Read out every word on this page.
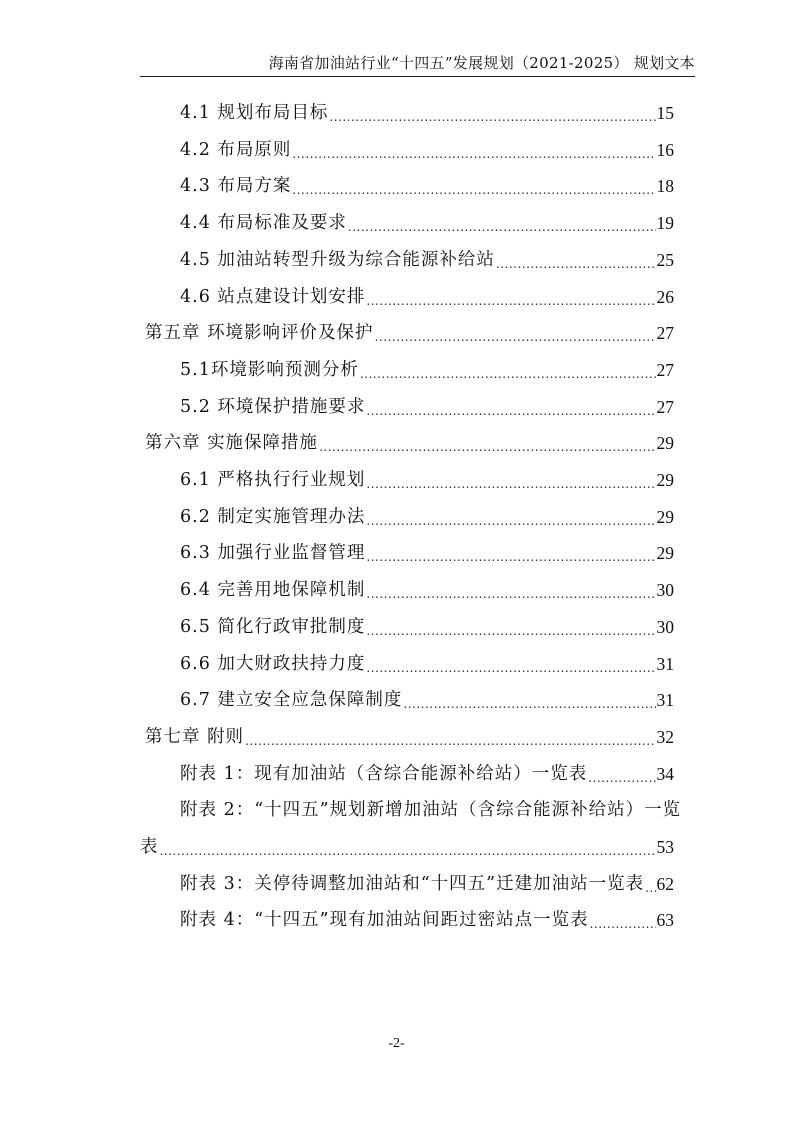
海南省加油站行业“十四五”发展规划（2021-2025） 规划文本
4.1 规划布局目标 .....	15
4.2 布局原则 .....	16
4.3 布局方案 .....	18
4.4 布局标准及要求 .....	19
4.5 加油站转型升级为综合能源补给站 .....	25
4.6 站点建设计划安排 .....	26
第五章 环境影响评价及保护 .....	27
5.1环境影响预测分析 .....	27
5.2 环境保护措施要求 .....	27
第六章 实施保障措施 .....	29
6.1 严格执行行业规划 .....	29
6.2 制定实施管理办法 .....	29
6.3 加强行业监督管理 .....	29
6.4 完善用地保障机制 .....	30
6.5 简化行政审批制度 .....	30
6.6 加大财政扶持力度 .....	31
6.7 建立安全应急保障制度 .....	31
第七章 附则 .....	32
附表 1：现有加油站（含综合能源补给站）一览表 .....	34
附表 2：“十四五”规划新增加油站（含综合能源补给站）一览
表 .....	53
附表 3：关停待调整加油站和“十四五”迁建加油站一览表 ..... 62
附表 4：“十四五”现有加油站间距过密站点一览表 .....	63
-2-
